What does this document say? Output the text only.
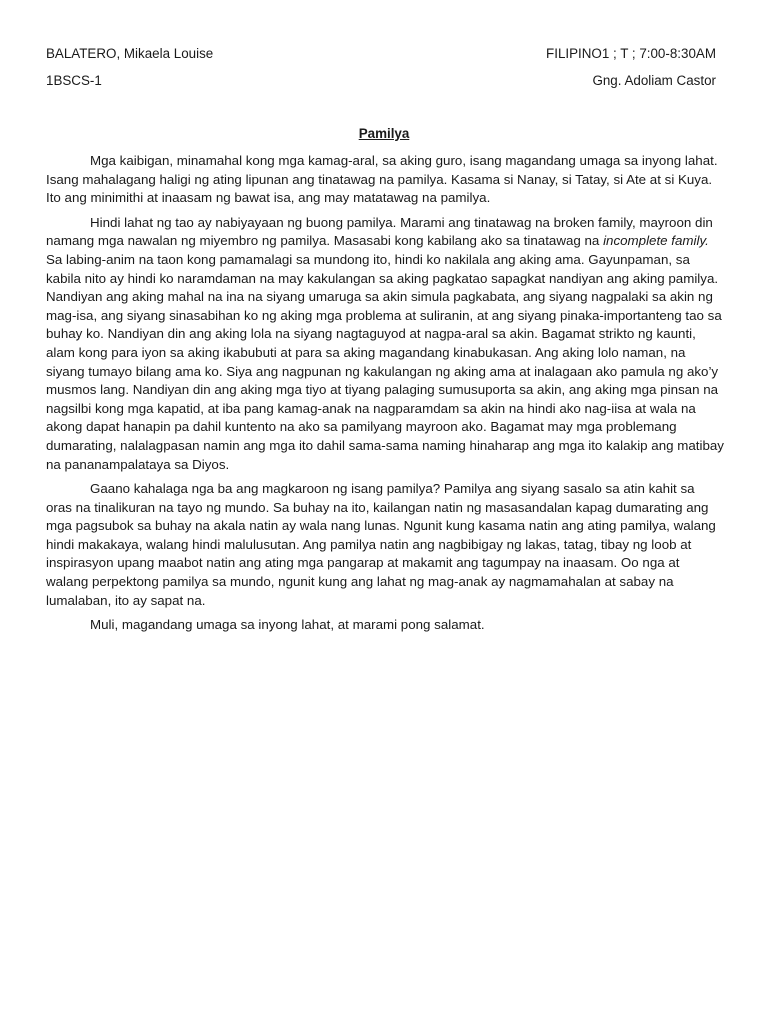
BALATERO, Mikaela Louise
1BSCS-1
FILIPINO1 ; T ; 7:00-8:30AM
Gng. Adoliam Castor
Pamilya

Mga kaibigan, minamahal kong mga kamag-aral, sa aking guro, isang magandang umaga sa inyong lahat. Isang mahalagang haligi ng ating lipunan ang tinatawag na pamilya. Kasama si Nanay, si Tatay, si Ate at si Kuya. Ito ang minimithi at inaasam ng bawat isa, ang may matatawag na pamilya.

Hindi lahat ng tao ay nabiyayaan ng buong pamilya. Marami ang tinatawag na broken family, mayroon din namang mga nawalan ng miyembro ng pamilya. Masasabi kong kabilang ako sa tinatawag na incomplete family. Sa labing-anim na taon kong pamamalagi sa mundong ito, hindi ko nakilala ang aking ama. Gayunpaman, sa kabila nito ay hindi ko naramdaman na may kakulangan sa aking pagkatao sapagkat nandiyan ang aking pamilya. Nandiyan ang aking mahal na ina na siyang umaruga sa akin simula pagkabata, ang siyang nagpalaki sa akin ng mag-isa, ang siyang sinasabihan ko ng aking mga problema at suliranin, at ang siyang pinaka-importanteng tao sa buhay ko. Nandiyan din ang aking lola na siyang nagtaguyod at nagpa-aral sa akin. Bagamat strikto ng kaunti, alam kong para iyon sa aking ikabubuti at para sa aking magandang kinabukasan. Ang aking lolo naman, na siyang tumayo bilang ama ko. Siya ang nagpunan ng kakulangan ng aking ama at inalagaan ako pamula ng ako’y musmos lang. Nandiyan din ang aking mga tiyo at tiyang palaging sumusuporta sa akin, ang aking mga pinsan na nagsilbi kong mga kapatid, at iba pang kamag-anak na nagparamdam sa akin na hindi ako nag-iisa at wala na akong dapat hanapin pa dahil kuntento na ako sa pamilyang mayroon ako. Bagamat may mga problemang dumarating, nalalagpasan namin ang mga ito dahil sama-sama naming hinaharap ang mga ito kalakip ang matibay na pananampalataya sa Diyos.

Gaano kahalaga nga ba ang magkaroon ng isang pamilya? Pamilya ang siyang sasalo sa atin kahit sa oras na tinalikuran na tayo ng mundo. Sa buhay na ito, kailangan natin ng masasandalan kapag dumarating ang mga pagsubok sa buhay na akala natin ay wala nang lunas. Ngunit kung kasama natin ang ating pamilya, walang hindi makakaya, walang hindi malulusutan. Ang pamilya natin ang nagbibigay ng lakas, tatag, tibay ng loob at inspirasyon upang maabot natin ang ating mga pangarap at makamit ang tagumpay na inaasam. Oo nga at walang perpektong pamilya sa mundo, ngunit kung ang lahat ng mag-anak ay nagmamahalan at sabay na lumalaban, ito ay sapat na.

Muli, magandang umaga sa inyong lahat, at marami pong salamat.
